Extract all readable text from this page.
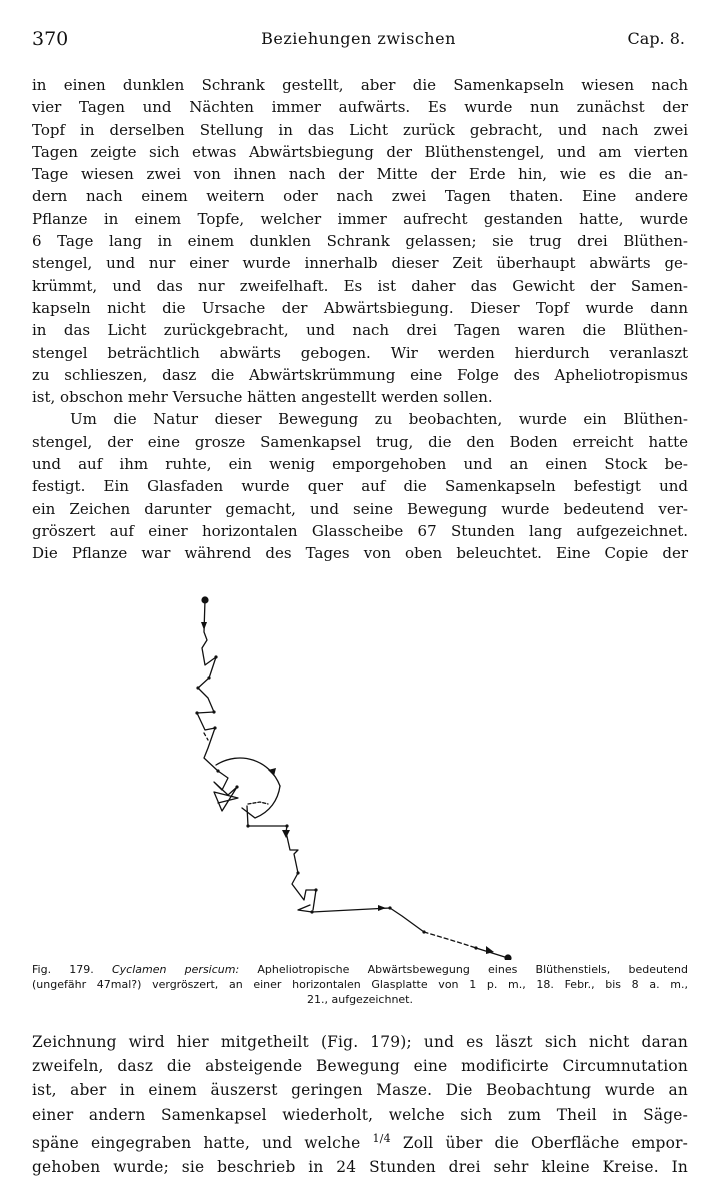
370	Beziehungen zwischen	Cap. 8.
in einen dunklen Schrank gestellt, aber die Samenkapseln wiesen nach
vier Tagen und Nächten immer aufwärts. Es wurde nun zunächst der
Topf in derselben Stellung in das Licht zurück gebracht, und nach zwei
Tagen zeigte sich etwas Abwärtsbiegung der Blüthenstengel, und am vierten
Tage wiesen zwei von ihnen nach der Mitte der Erde hin, wie es die an-
dern nach einem weitern oder nach zwei Tagen thaten. Eine andere
Pflanze in einem Topfe, welcher immer aufrecht gestanden hatte, wurde
6 Tage lang in einem dunklen Schrank gelassen; sie trug drei Blüthen-
stengel, und nur einer wurde innerhalb dieser Zeit überhaupt abwärts ge-
krümmt, und das nur zweifelhaft. Es ist daher das Gewicht der Samen-
kapseln nicht die Ursache der Abwärtsbiegung. Dieser Topf wurde dann
in das Licht zurückgebracht, und nach drei Tagen waren die Blüthen-
stengel beträchtlich abwärts gebogen. Wir werden hierdurch veranlaszt
zu schlieszen, dasz die Abwärtskrümmung eine Folge des Apheliotropismus
ist, obschon mehr Versuche hätten angestellt werden sollen.
Um die Natur dieser Bewegung zu beobachten, wurde ein Blüthen-
stengel, der eine grosze Samenkapsel trug, die den Boden erreicht hatte
und auf ihm ruhte, ein wenig emporgehoben und an einen Stock be-
festigt. Ein Glasfaden wurde quer auf die Samenkapseln befestigt und
ein Zeichen darunter gemacht, und seine Bewegung wurde bedeutend ver-
gröszert auf einer horizontalen Glasscheibe 67 Stunden lang aufgezeichnet.
Die Pflanze war während des Tages von oben beleuchtet. Eine Copie der
Fig. 179. Cyclamen persicum: Apheliotropische Abwärtsbewegung eines Blüthenstiels, bedeutend
(ungefähr 47mal?) vergröszert, an einer horizontalen Glasplatte von 1 p. m., 18. Febr., bis 8 a. m.,
21., aufgezeichnet.
Zeichnung wird hier mitgetheilt (Fig. 179); und es läszt sich nicht daran
zweifeln, dasz die absteigende Bewegung eine modificirte Circumnutation
ist, aber in einem äuszerst geringen Masze. Die Beobachtung wurde an
einer andern Samenkapsel wiederholt, welche sich zum Theil in Säge-
späne eingegraben hatte, und welche $^{1/4}$ Zoll über die Oberfläche empor-
gehoben wurde; sie beschrieb in 24 Stunden drei sehr kleine Kreise. In
